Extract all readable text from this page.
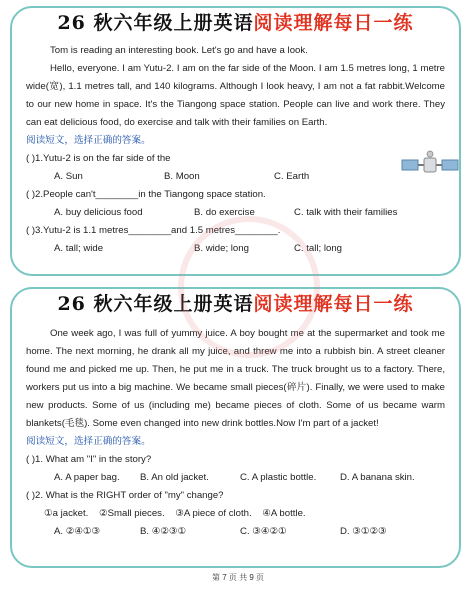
26 秋六年级上册英语 阅读理解每日一练

Tom is reading an interesting book. Let's go and have a look.

Hello, everyone. I am Yutu-2. I am on the far side of the Moon. I am 1.5 metres long, 1 metre wide(宽), 1.1 metres tall, and 140 kilograms. Although I look heavy, I am not a fat rabbit.Welcome to our new home in space. It's the Tiangong space station. People can live and work there. They can eat delicious food, do exercise and talk with their families on Earth.

阅读短文，选择正确的答案。

( )1.Yutu-2 is on the far side of the

A. Sun	B. Moon	C. Earth

( )2.People can't________in the Tiangong space station.

A. buy delicious food	B. do exercise	C. talk with their families

( )3.Yutu-2 is 1.1 metres________and 1.5 metres________.

A. tall; wide	B. wide; long	C. tall; long
26 秋六年级上册英语 阅读理解每日一练

One week ago, I was full of yummy juice. A boy bought me at the supermarket and took me home. The next morning, he drank all my juice, and threw me into a rubbish bin. A street cleaner found me and picked me up. Then, he put me in a truck. The truck brought us to a factory. There, workers put us into a big machine. We became small pieces(碎片). Finally, we were used to make new products. Some of us (including me) became pieces of cloth. Some of us became warm blankets(毛毯). Some even changed into new drink bottles.Now I'm part of a jacket!

阅读短文，选择正确的答案。

( )1. What am "I" in the story?

A. A paper bag.	B. An old jacket.	C. A plastic bottle.	D. A banana skin.

( )2. What is the RIGHT order of "my" change?

①a jacket.    ②Small pieces.    ③A piece of cloth.    ④A bottle.

A. ②④①③	B. ④②③①	C. ③④②①	D. ③①②③
第 7 页 共 9 页
